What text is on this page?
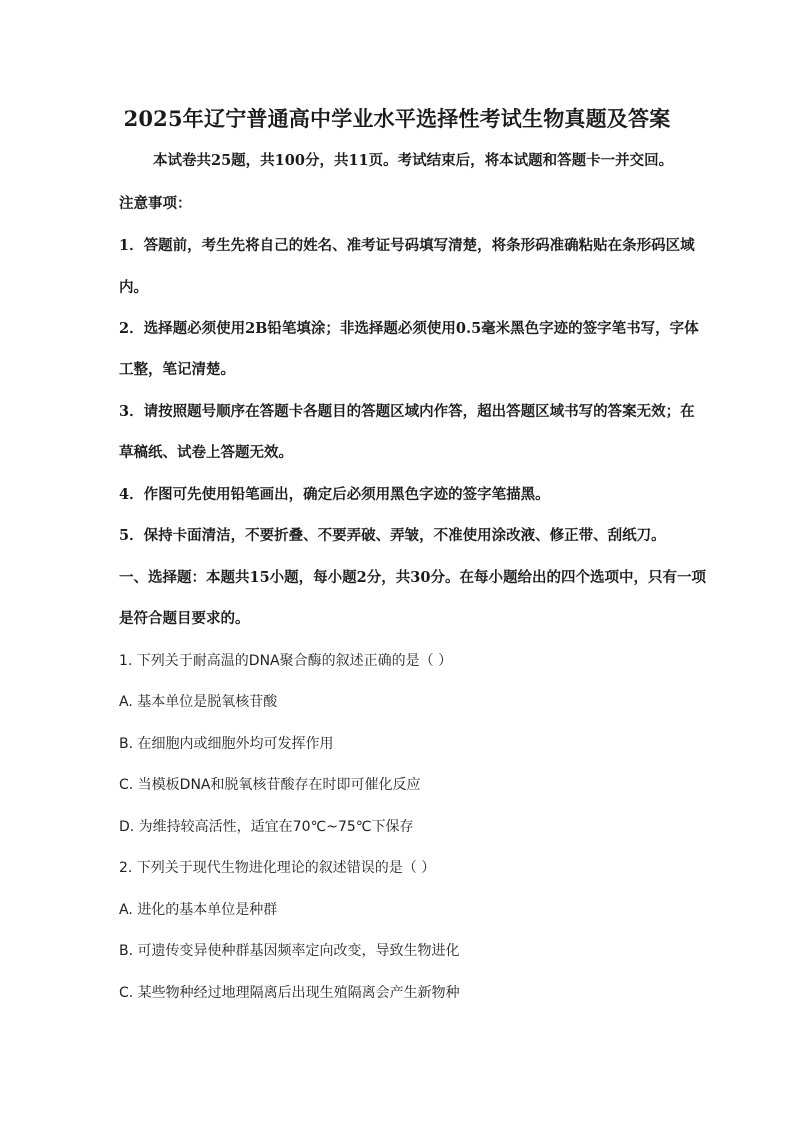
2025年辽宁普通高中学业水平选择性考试生物真题及答案
本试卷共25题，共100分，共11页。考试结束后，将本试题和答题卡一并交回。
注意事项：
1．答题前，考生先将自己的姓名、准考证号码填写清楚，将条形码准确粘贴在条形码区域
内。
2．选择题必须使用2B铅笔填涂；非选择题必须使用0.5毫米黑色字迹的签字笔书写，字体
工整，笔记清楚。
3．请按照题号顺序在答题卡各题目的答题区域内作答，超出答题区域书写的答案无效；在
草稿纸、试卷上答题无效。
4．作图可先使用铅笔画出，确定后必须用黑色字迹的签字笔描黑。
5．保持卡面清洁，不要折叠、不要弄破、弄皱，不准使用涂改液、修正带、刮纸刀。
一、选择题：本题共15小题，每小题2分，共30分。在每小题给出的四个选项中，只有一项
是符合题目要求的。
1. 下列关于耐高温的DNA聚合酶的叙述正确的是（ ）
A. 基本单位是脱氧核苷酸
B. 在细胞内或细胞外均可发挥作用
C. 当模板DNA和脱氧核苷酸存在时即可催化反应
D. 为维持较高活性，适宜在70℃~75℃下保存
2. 下列关于现代生物进化理论的叙述错误的是（ ）
A. 进化的基本单位是种群
B. 可遗传变异使种群基因频率定向改变，导致生物进化
C. 某些物种经过地理隔离后出现生殖隔离会产生新物种
